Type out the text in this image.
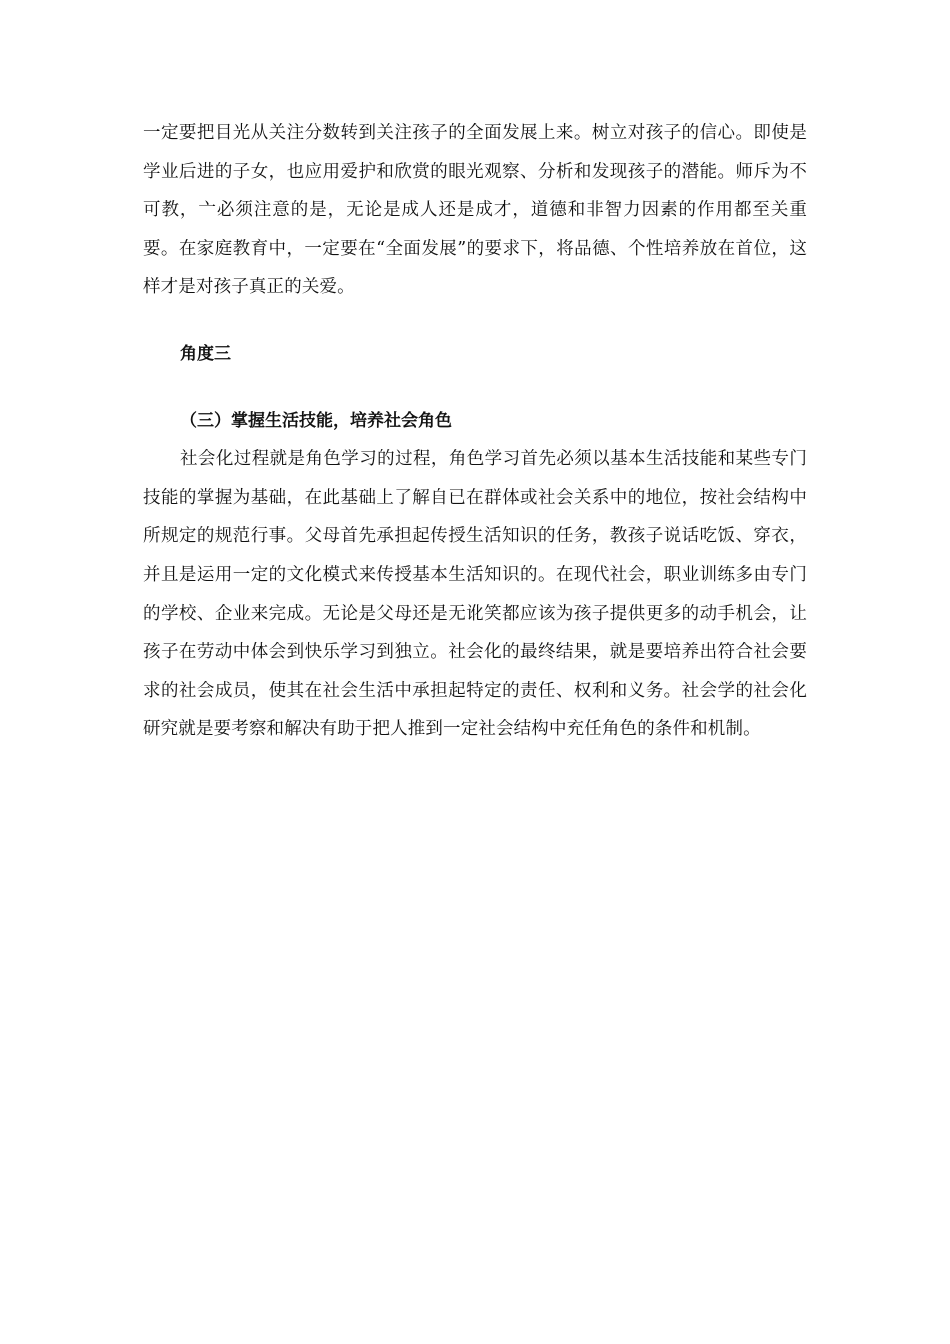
一定要把目光从关注分数转到关注孩子的全面发展上来。树立对孩子的信心。即使是学业后进的子女，也应用爱护和欣赏的眼光观察、分析和发现孩子的潜能。师斥为不可教，亠必须注意的是，无论是成人还是成才，道德和非智力因素的作用都至关重要。在家庭教育中，一定要在“全面发展”的要求下，将品德、个性培养放在首位，这样才是对孩子真正的关爱。

角度三

（三）掌握生活技能，培养社会角色

社会化过程就是角色学习的过程，角色学习首先必须以基本生活技能和某些专门技能的掌握为基础，在此基础上了解自已在群体或社会关系中的地位，按社会结构中所规定的规范行事。父母首先承担起传授生活知识的任务，教孩子说话吃饭、穿衣，并且是运用一定的文化模式来传授基本生活知识的。在现代社会，职业训练多由专门的学校、企业来完成。无论是父母还是无讹笑都应该为孩子提供更多的动手机会，让孩子在劳动中体会到快乐学习到独立。社会化的最终结果，就是要培养出符合社会要求的社会成员，使其在社会生活中承担起特定的责任、权利和义务。社会学的社会化研究就是要考察和解决有助于把人推到一定社会结构中充任角色的条件和机制。
